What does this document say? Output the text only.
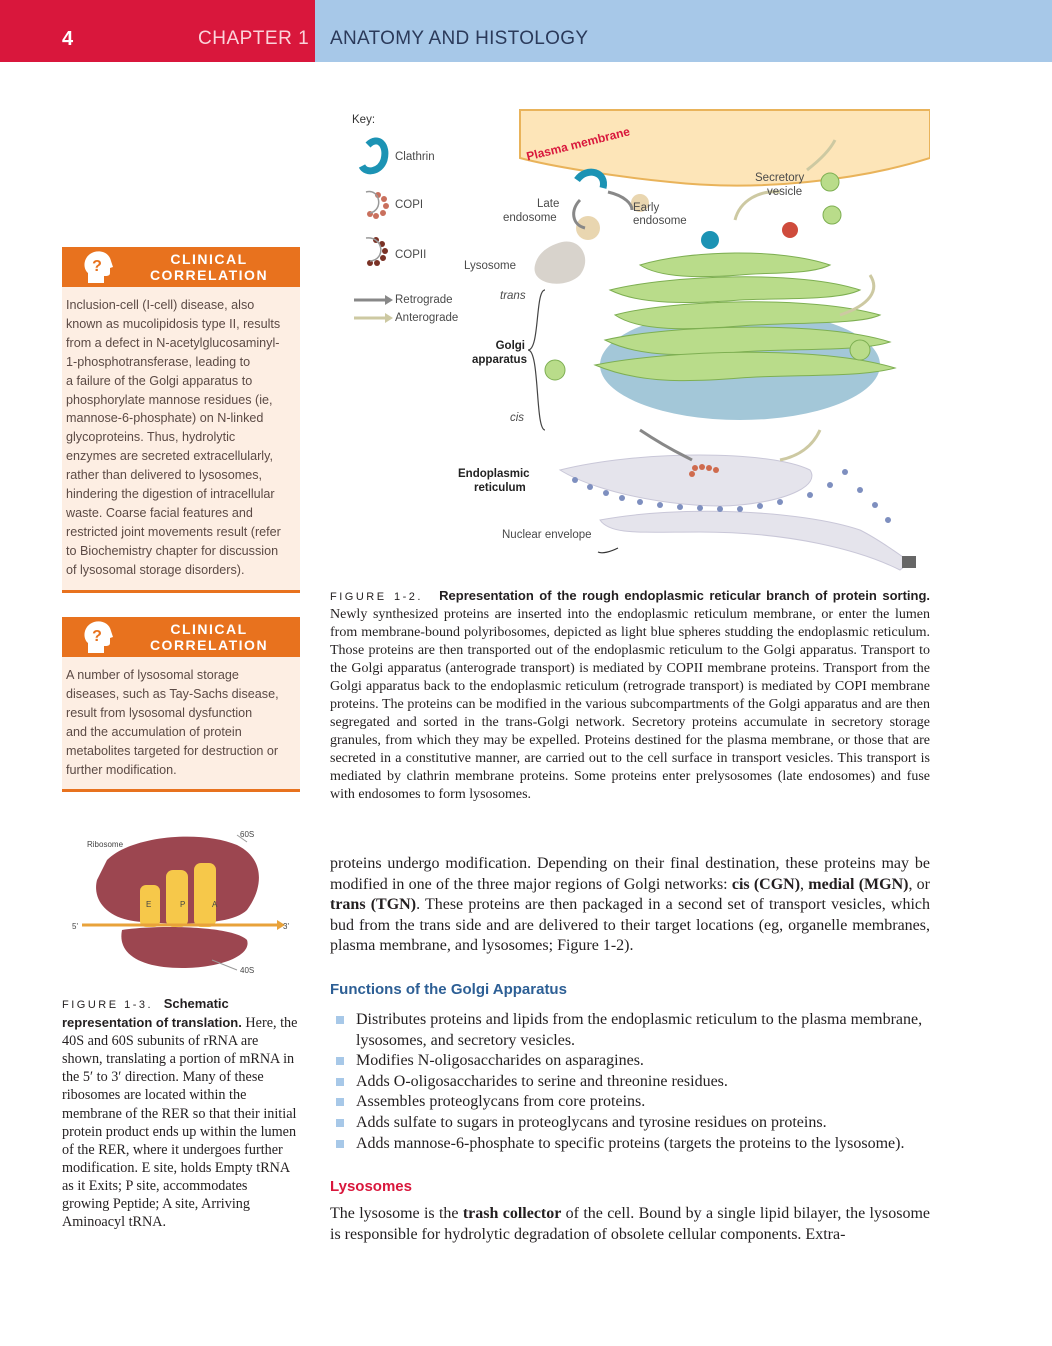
4	CHAPTER 1 ANATOMY AND HISTOLOGY
?	CLINICAL
CORRELATION
Inclusion-cell (I-cell) disease, also
known as mucolipidosis type II, results
from a defect in N-acetylglucosaminyl-
1-phosphotransferase, leading to
a failure of the Golgi apparatus to
phosphorylate mannose residues (ie,
mannose-6-phosphate) on N-linked
glycoproteins. Thus, hydrolytic
enzymes are secreted extracellularly,
rather than delivered to lysosomes,
hindering the digestion of intracellular
waste. Coarse facial features and
restricted joint movements result (refer
to Biochemistry chapter for discussion
of lysosomal storage disorders).
?	CLINICAL
CORRELATION
A number of lysosomal storage
diseases, such as Tay-Sachs disease,
result from lysosomal dysfunction
and the accumulation of protein
metabolites targeted for destruction or
further modification.
Key:
Clathrin
COPI
COPII
Retrograde
Anterograde
Plasma membrane
Secretory
vesicle
Late
endosome
Early
endosome
Lysosome
trans
Golgi
apparatus
cis
Endoplasmic
reticulum
Nuclear envelope
FIGURE 1-2. Representation of the rough endoplasmic reticular branch of protein sorting. Newly synthesized proteins are inserted into the endoplasmic reticulum membrane, or enter the lumen from membrane-bound polyribosomes, depicted as light blue spheres studding the endoplasmic reticulum. Those proteins are then transported out of the endoplasmic reticulum to the Golgi apparatus. Transport to the Golgi apparatus (anterograde transport) is mediated by COPII membrane proteins. Transport from the Golgi apparatus back to the endoplasmic reticulum (retrograde transport) is mediated by COPI membrane proteins. The proteins can be modified in the various subcompartments of the Golgi apparatus and are then segregated and sorted in the trans-Golgi network. Secretory proteins accumulate in secretory storage granules, from which they may be expelled. Proteins destined for the plasma membrane, or those that are secreted in a constitutive manner, are carried out to the cell surface in transport vesicles. This transport is mediated by clathrin membrane proteins. Some proteins enter prelysosomes (late endosomes) and fuse with endosomes to form lysosomes.
Ribosome
60S
40S
5'	3'
E	P	A
FIGURE 1-3. Schematic representation of translation. Here, the 40S and 60S subunits of rRNA are shown, translating a portion of mRNA in the 5′ to 3′ direction. Many of these ribosomes are located within the membrane of the RER so that their initial protein product ends up within the lumen of the RER, where it undergoes further modification. E site, holds Empty tRNA as it Exits; P site, accommodates growing Peptide; A site, Arriving Aminoacyl tRNA.
proteins undergo modification. Depending on their final destination, these proteins may be modified in one of the three major regions of Golgi networks: cis (CGN), medial (MGN), or trans (TGN). These proteins are then packaged in a second set of transport vesicles, which bud from the trans side and are delivered to their target locations (eg, organelle membranes, plasma membrane, and lysosomes; Figure 1-2).
Functions of the Golgi Apparatus
Distributes proteins and lipids from the endoplasmic reticulum to the plasma membrane, lysosomes, and secretory vesicles.
Modifies N-oligosaccharides on asparagines.
Adds O-oligosaccharides to serine and threonine residues.
Assembles proteoglycans from core proteins.
Adds sulfate to sugars in proteoglycans and tyrosine residues on proteins.
Adds mannose-6-phosphate to specific proteins (targets the proteins to the lysosome).
Lysosomes
The lysosome is the trash collector of the cell. Bound by a single lipid bilayer, the lysosome is responsible for hydrolytic degradation of obsolete cellular components. Extra-
